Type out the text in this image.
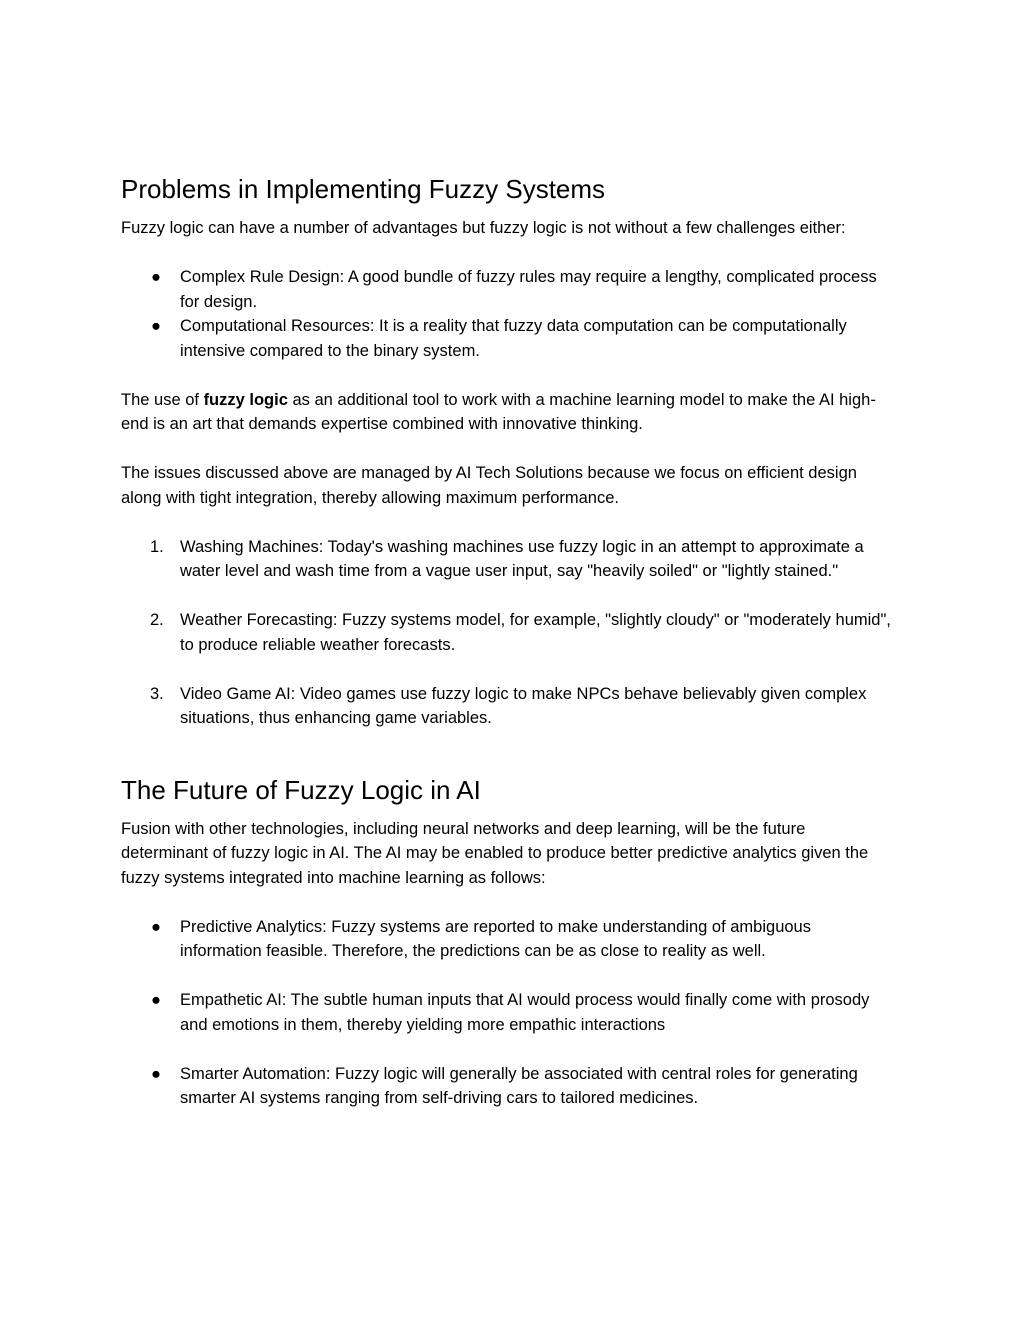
Problems in Implementing Fuzzy Systems

Fuzzy logic can have a number of advantages but fuzzy logic is not without a few challenges either:

● Complex Rule Design: A good bundle of fuzzy rules may require a lengthy, complicated process for design.
● Computational Resources: It is a reality that fuzzy data computation can be computationally intensive compared to the binary system.

The use of fuzzy logic as an additional tool to work with a machine learning model to make the AI high-end is an art that demands expertise combined with innovative thinking.

The issues discussed above are managed by AI Tech Solutions because we focus on efficient design along with tight integration, thereby allowing maximum performance.

1. Washing Machines: Today's washing machines use fuzzy logic in an attempt to approximate a water level and wash time from a vague user input, say "heavily soiled" or "lightly stained."
2. Weather Forecasting: Fuzzy systems model, for example, "slightly cloudy" or "moderately humid", to produce reliable weather forecasts.
3. Video Game AI: Video games use fuzzy logic to make NPCs behave believably given complex situations, thus enhancing game variables.
The Future of Fuzzy Logic in AI

Fusion with other technologies, including neural networks and deep learning, will be the future determinant of fuzzy logic in AI. The AI may be enabled to produce better predictive analytics given the fuzzy systems integrated into machine learning as follows:

● Predictive Analytics: Fuzzy systems are reported to make understanding of ambiguous information feasible. Therefore, the predictions can be as close to reality as well.
● Empathetic AI: The subtle human inputs that AI would process would finally come with prosody and emotions in them, thereby yielding more empathic interactions
● Smarter Automation: Fuzzy logic will generally be associated with central roles for generating smarter AI systems ranging from self-driving cars to tailored medicines.
